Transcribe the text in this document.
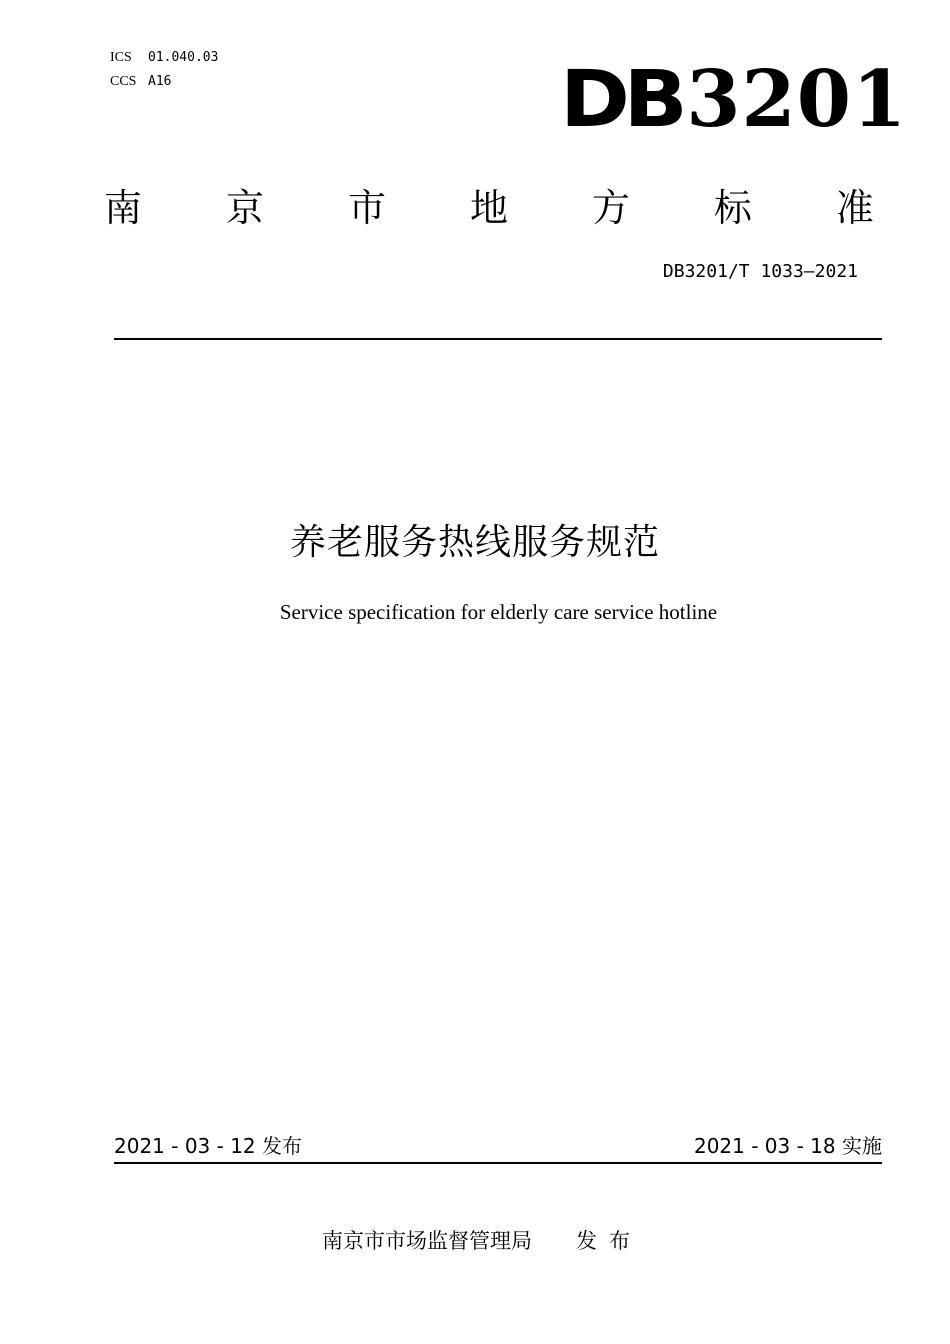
ICS 01.040.03
CCS A16	DB3201
南 京 市 地 方 标 准
DB3201/T 1033—2021
养老服务热线服务规范
Service specification for elderly care service hotline
2021 - 03 - 12 发布	2021 - 03 - 18 实施
南京市市场监督管理局 发布
